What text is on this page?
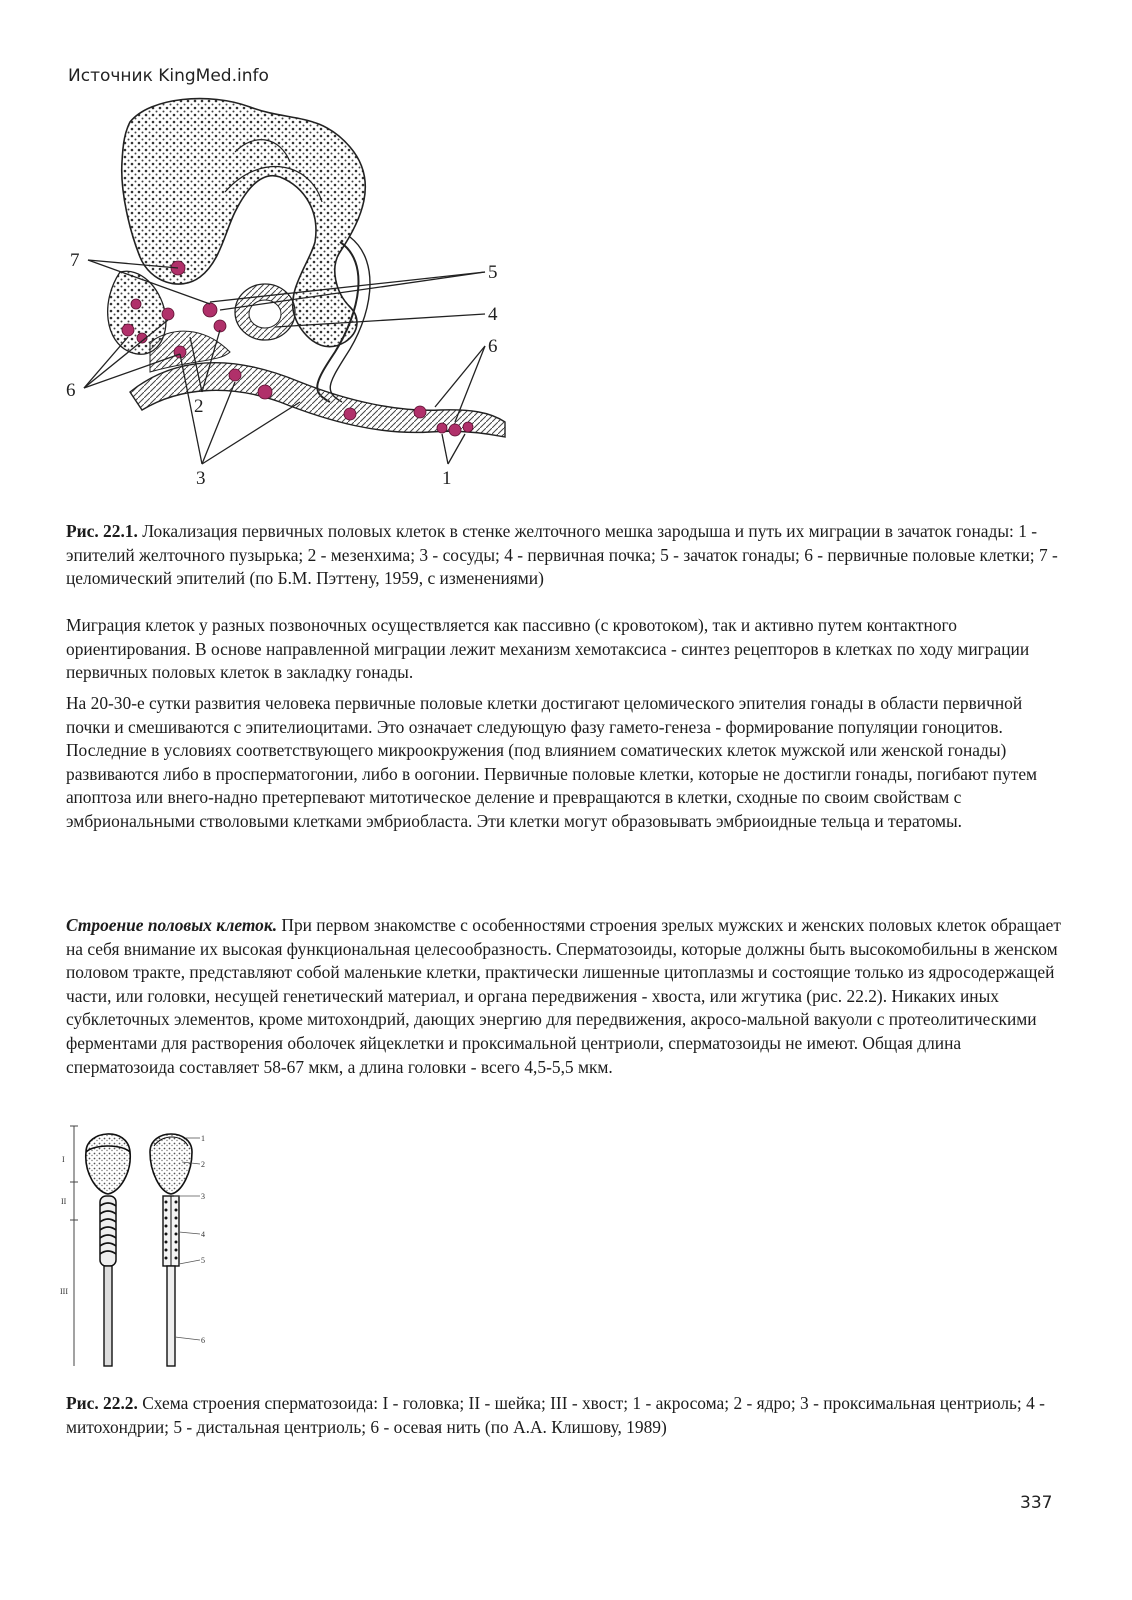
Источник KingMed.info
7
5
4
6
6
2
3	1
Рис. 22.1. Локализация первичных половых клеток в стенке желточного мешка зародыша и путь их миграции в зачаток гонады: 1 - эпителий желточного пузырька; 2 - мезенхима; 3 - сосуды; 4 - первичная почка; 5 - зачаток гонады; 6 - первичные половые клетки; 7 - целомический эпителий (по Б.М. Пэттену, 1959, с изменениями)

Миграция клеток у разных позвоночных осуществляется как пассивно (с кровотоком), так и активно путем контактного ориентирования. В основе направленной миграции лежит механизм хемотаксиса - синтез рецепторов в клетках по ходу миграции первичных половых клеток в закладку гонады.

На 20-30-е сутки развития человека первичные половые клетки достигают целомического эпителия гонады в области первичной почки и смешиваются с эпителиоцитами. Это означает следующую фазу гамето-генеза - формирование популяции гоноцитов. Последние в условиях соответствующего микроокружения (под влиянием соматических клеток мужской или женской гонады) развиваются либо в просперматогонии, либо в оогонии. Первичные половые клетки, которые не достигли гонады, погибают путем апоптоза или внего-надно претерпевают митотическое деление и превращаются в клетки, сходные по своим свойствам с эмбриональными стволовыми клетками эмбриобласта. Эти клетки могут образовывать эмбриоидные тельца и тератомы.

Строение половых клеток. При первом знакомстве с особенностями строения зрелых мужских и женских половых клеток обращает на себя внимание их высокая функциональная целесообразность. Сперматозоиды, которые должны быть высокомобильны в женском половом тракте, представляют собой маленькие клетки, практически лишенные цитоплазмы и состоящие только из ядросодержащей части, или головки, несущей генетический материал, и органа передвижения - хвоста, или жгутика (рис. 22.2). Никаких иных субклеточных элементов, кроме митохондрий, дающих энергию для передвижения, акросо-мальной вакуоли с протеолитическими ферментами для растворения оболочек яйцеклетки и проксимальной центриоли, сперматозоиды не имеют. Общая длина сперматозоида составляет 58-67 мкм, а длина головки - всего 4,5-5,5 мкм.

I
II
III
1
2
3
4
5
6
Рис. 22.2. Схема строения сперматозоида: I - головка; II - шейка; III - хвост; 1 - акросома; 2 - ядро; 3 - проксимальная центриоль; 4 - митохондрии; 5 - дистальная центриоль; 6 - осевая нить (по А.А. Клишову, 1989)
337
